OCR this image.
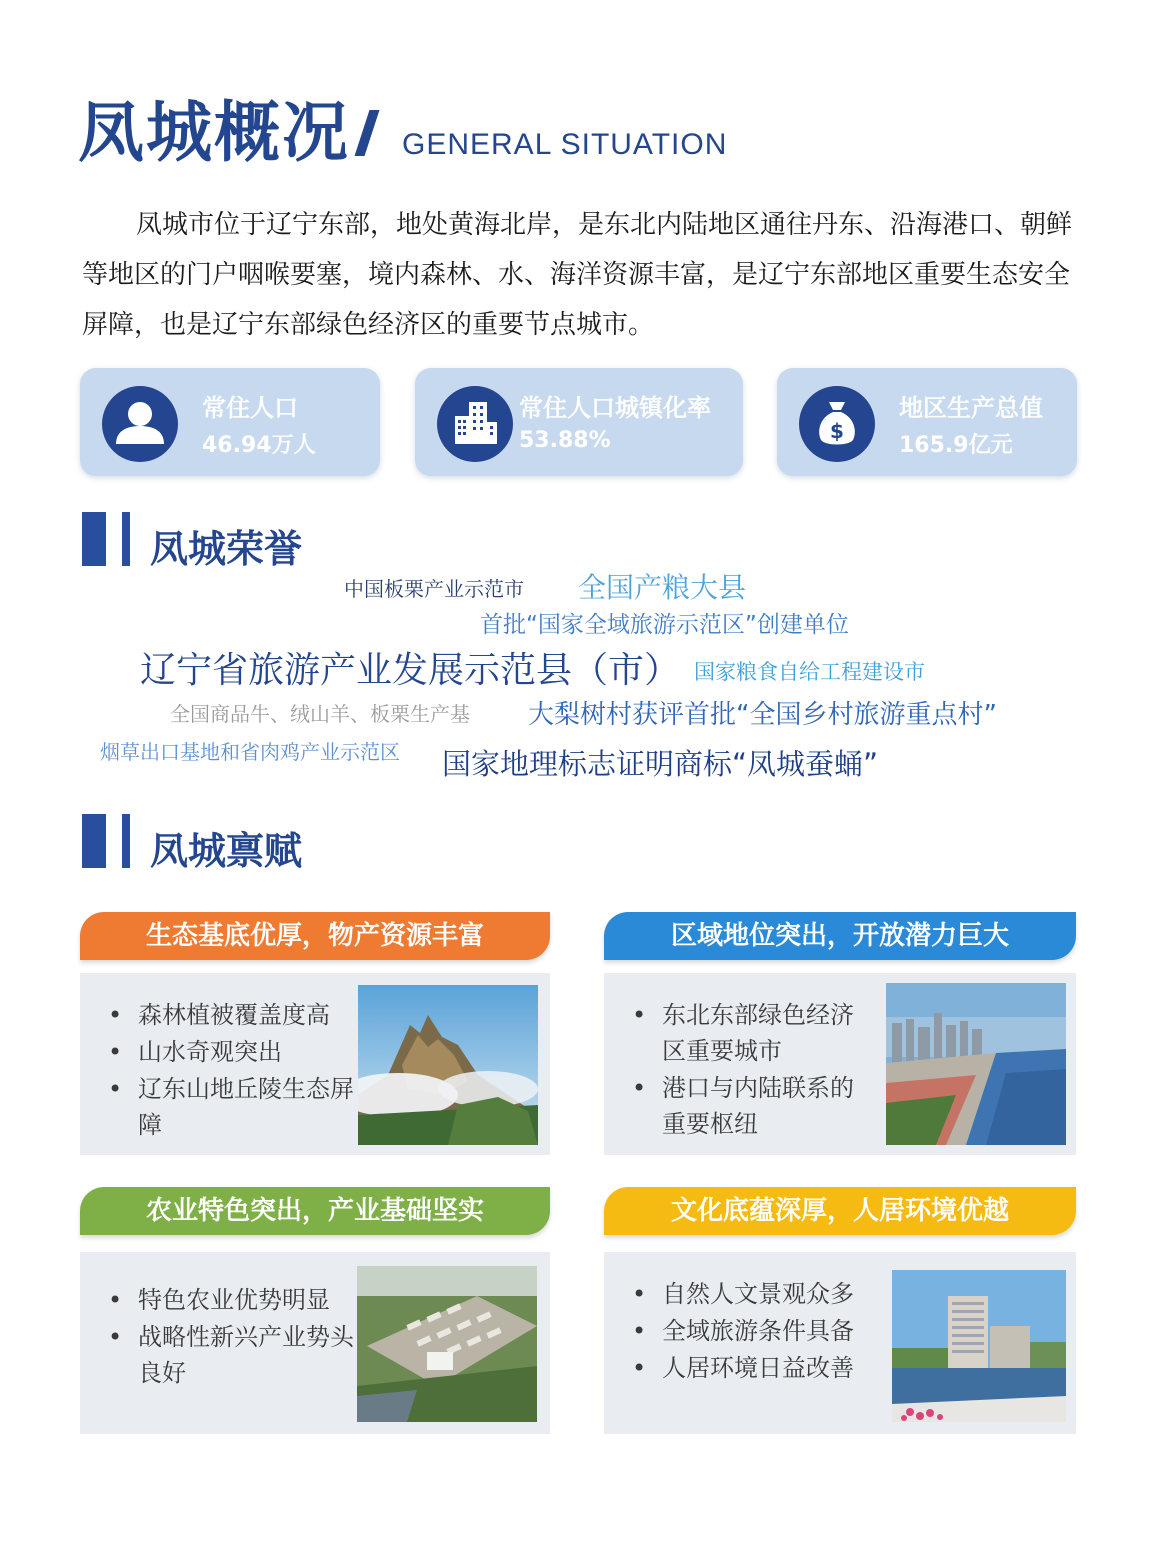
凤城概况 GENERAL SITUATION
凤城市位于辽宁东部，地处黄海北岸，是东北内陆地区通往丹东、沿海港口、朝鲜等地区的门户咽喉要塞，境内森林、水、海洋资源丰富，是辽宁东部地区重要生态安全屏障，也是辽宁东部绿色经济区的重要节点城市。
常住人口
46.94万人
常住人口城镇化率
53.88%	$
地区生产总值
165.9亿元
凤城荣誉
中国板栗产业示范市 全国产粮大县
首批“国家全域旅游示范区”创建单位
辽宁省旅游产业发展示范县（市） 国家粮食自给工程建设市
全国商品牛、绒山羊、板栗生产基 大梨树村获评首批“全国乡村旅游重点村”
烟草出口基地和省肉鸡产业示范区 国家地理标志证明商标“凤城蚕蛹”
凤城禀赋
生态基底优厚，物产资源丰富
• 森林植被覆盖度高
• 山水奇观突出
• 辽东山地丘陵生态屏障
区域地位突出，开放潜力巨大
• 东北东部绿色经济区重要城市
• 港口与内陆联系的重要枢纽
农业特色突出，产业基础坚实
• 特色农业优势明显
• 战略性新兴产业势头良好
文化底蕴深厚，人居环境优越
• 自然人文景观众多
• 全域旅游条件具备
• 人居环境日益改善
